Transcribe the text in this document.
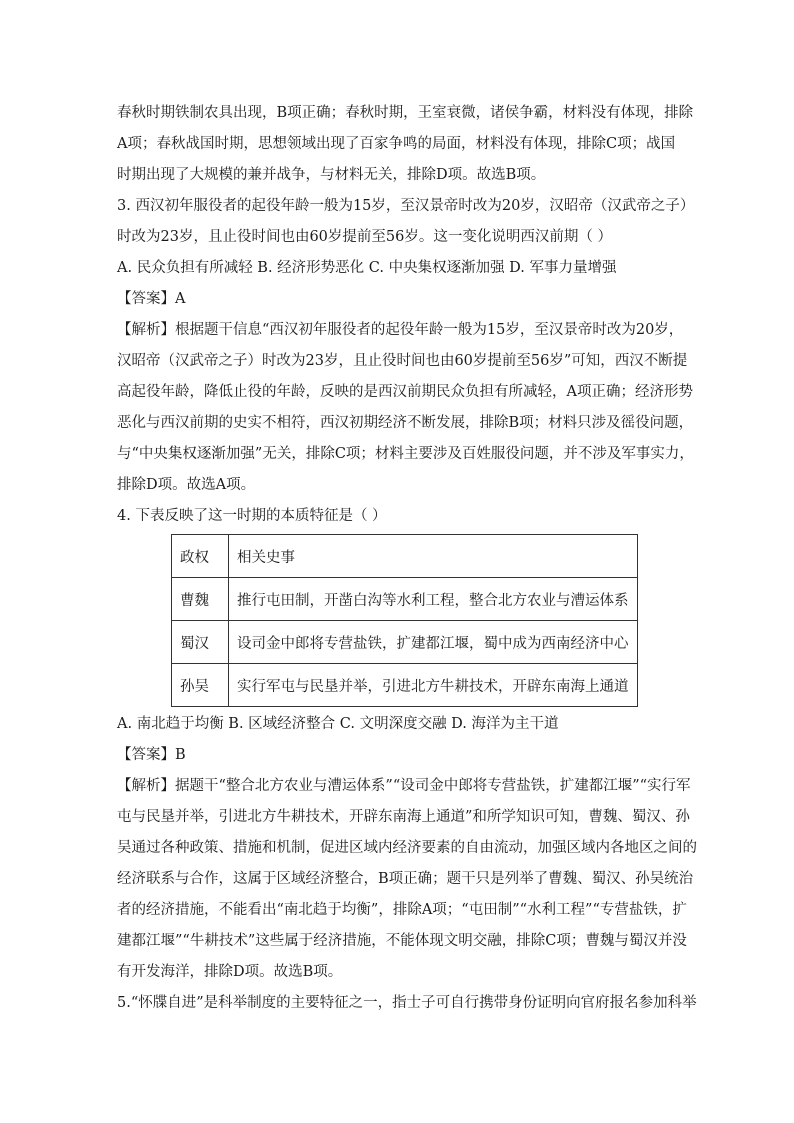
春秋时期铁制农具出现，B项正确；春秋时期，王室衰微，诸侯争霸，材料没有体现，排除
A项；春秋战国时期，思想领域出现了百家争鸣的局面，材料没有体现，排除C项；战国
时期出现了大规模的兼并战争，与材料无关，排除D项。故选B项。
3. 西汉初年服役者的起役年龄一般为15岁，至汉景帝时改为20岁，汉昭帝（汉武帝之子）
时改为23岁，且止役时间也由60岁提前至56岁。这一变化说明西汉前期（ ）
A. 民众负担有所减轻 B. 经济形势恶化 C. 中央集权逐渐加强 D. 军事力量增强
【答案】A
【解析】根据题干信息“西汉初年服役者的起役年龄一般为15岁，至汉景帝时改为20岁，
汉昭帝（汉武帝之子）时改为23岁，且止役时间也由60岁提前至56岁”可知，西汉不断提
高起役年龄，降低止役的年龄，反映的是西汉前期民众负担有所减轻，A项正确；经济形势
恶化与西汉前期的史实不相符，西汉初期经济不断发展，排除B项；材料只涉及徭役问题，
与“中央集权逐渐加强”无关，排除C项；材料主要涉及百姓服役问题，并不涉及军事实力，
排除D项。故选A项。
4. 下表反映了这一时期的本质特征是（ ）
政权	相关史事
曹魏	推行屯田制，开凿白沟等水利工程，整合北方农业与漕运体系
蜀汉	设司金中郎将专营盐铁，扩建都江堰，蜀中成为西南经济中心
孙吴	实行军屯与民垦并举，引进北方牛耕技术，开辟东南海上通道
A. 南北趋于均衡 B. 区域经济整合 C. 文明深度交融 D. 海洋为主干道
【答案】B
【解析】据题干“整合北方农业与漕运体系”“设司金中郎将专营盐铁，扩建都江堰”“实行军
屯与民垦并举，引进北方牛耕技术，开辟东南海上通道”和所学知识可知，曹魏、蜀汉、孙
吴通过各种政策、措施和机制，促进区域内经济要素的自由流动，加强区域内各地区之间的
经济联系与合作，这属于区域经济整合，B项正确；题干只是列举了曹魏、蜀汉、孙吴统治
者的经济措施，不能看出“南北趋于均衡”，排除A项；“屯田制”“水利工程”“专营盐铁，扩
建都江堰”“牛耕技术”这些属于经济措施，不能体现文明交融，排除C项；曹魏与蜀汉并没
有开发海洋，排除D项。故选B项。
5.“怀牒自进”是科举制度的主要特征之一，指士子可自行携带身份证明向官府报名参加科举
